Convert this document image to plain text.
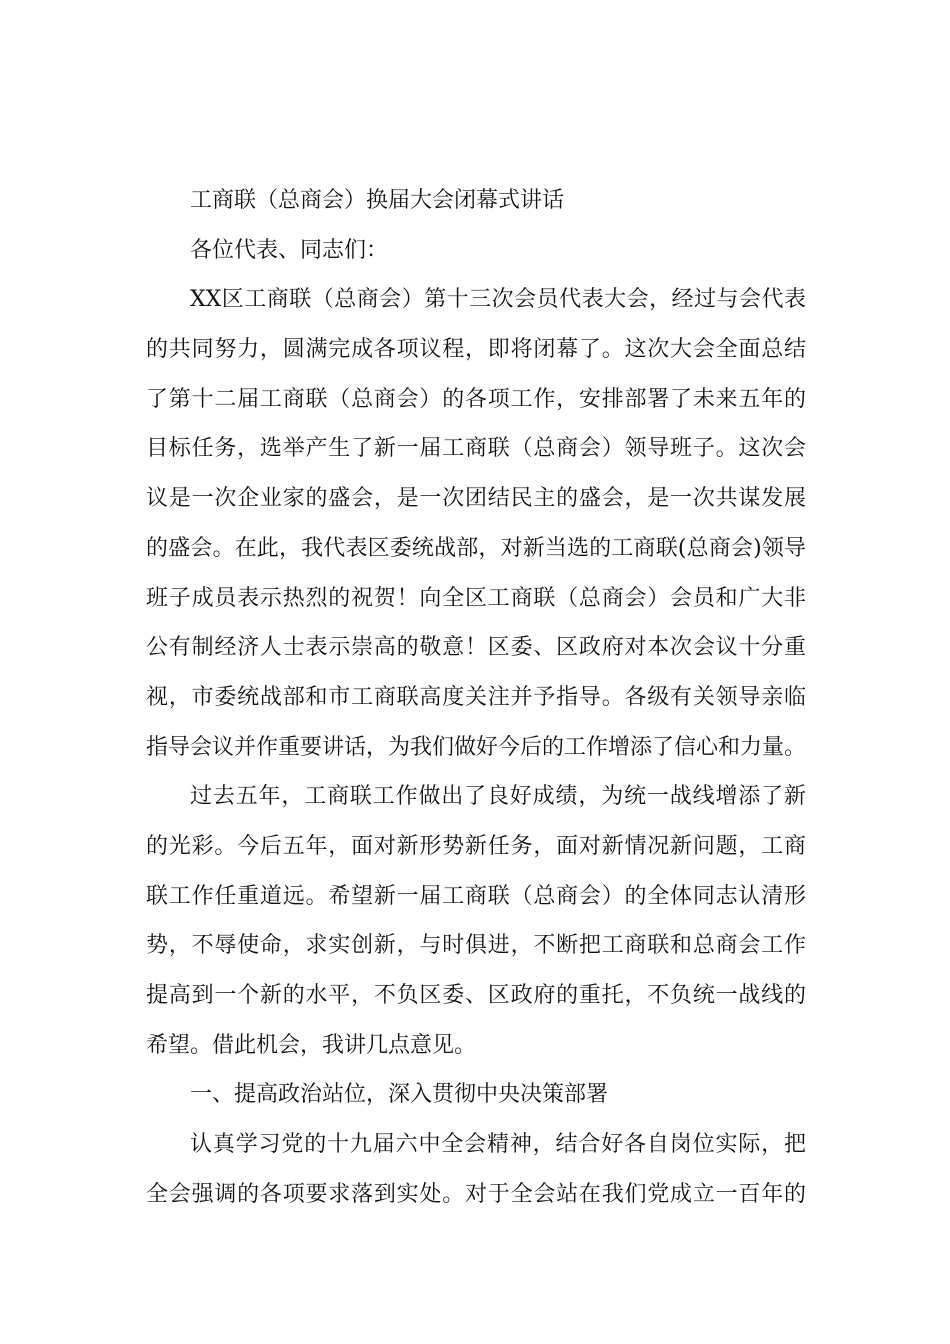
工商联（总商会）换届大会闭幕式讲话
各位代表、同志们：
XX区工商联（总商会）第十三次会员代表大会，经过与会代表
的共同努力，圆满完成各项议程，即将闭幕了。这次大会全面总结
了第十二届工商联（总商会）的各项工作，安排部署了未来五年的
目标任务，选举产生了新一届工商联（总商会）领导班子。这次会
议是一次企业家的盛会，是一次团结民主的盛会，是一次共谋发展
的盛会。在此，我代表区委统战部，对新当选的工商联(总商会)领导
班子成员表示热烈的祝贺！向全区工商联（总商会）会员和广大非
公有制经济人士表示崇高的敬意！区委、区政府对本次会议十分重
视，市委统战部和市工商联高度关注并予指导。各级有关领导亲临
指导会议并作重要讲话，为我们做好今后的工作增添了信心和力量。
过去五年，工商联工作做出了良好成绩，为统一战线增添了新
的光彩。今后五年，面对新形势新任务，面对新情况新问题，工商
联工作任重道远。希望新一届工商联（总商会）的全体同志认清形
势，不辱使命，求实创新，与时俱进，不断把工商联和总商会工作
提高到一个新的水平，不负区委、区政府的重托，不负统一战线的
希望。借此机会，我讲几点意见。
一、提高政治站位，深入贯彻中央决策部署
认真学习党的十九届六中全会精神，结合好各自岗位实际，把
全会强调的各项要求落到实处。对于全会站在我们党成立一百年的
